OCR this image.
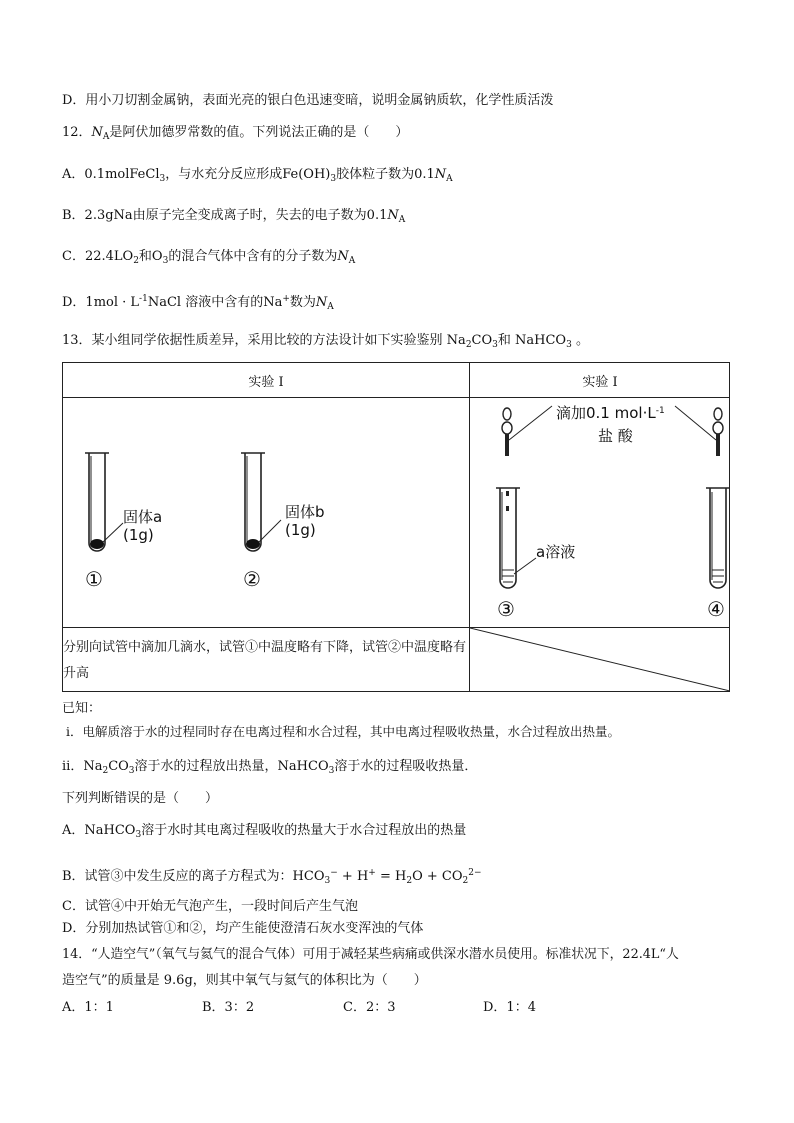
D．用小刀切割金属钠，表面光亮的银白色迅速变暗，说明金属钠质软，化学性质活泼
12．$N_A$是阿伏加德罗常数的值。下列说法正确的是（　　）
A．0.1molFeCl$_3$，与水充分反应形成$Fe(OH)_3$胶体粒子数为$0.1N_A$
B．2.3gNa由原子完全变成离子时，失去的电子数为$0.1N_A$
C．$22.4LO_2$和$O_3$的混合气体中含有的分子数为$N_A$
D．$1mol \cdot L^{-1}NaCl$ 溶液中含有的Na+数为$N_A$
13．某小组同学依据性质差异，采用比较的方法设计如下实验鉴别 $Na_2CO_3$和 NaHCO$_3$ 。
实验 I	实验 I
固体a
(1g)
固体b
(1g)
①	②
滴加0.1 $mol\cdot L^{-1}$
盐 酸
a溶液
③	④
分别向试管中滴加几滴水，试管①中温度略有下降，试管②中温度略有升高
已知：
ⅰ．电解质溶于水的过程同时存在电离过程和水合过程，其中电离过程吸收热量，水合过程放出热量。
ⅱ．$Na_2CO_3$溶于水的过程放出热量，NaHCO$_3$溶于水的过程吸收热量．
下列判断错误的是（　　）
A．NaHCO$_3$溶于水时其电离过程吸收的热量大于水合过程放出的热量
B．试管③中发生反应的离子方程式为：$HCO_3^- + H^+ = H_2O + CO_2^{2-}$
C．试管④中开始无气泡产生，一段时间后产生气泡
D．分别加热试管①和②，均产生能使澄清石灰水变浑浊的气体
14．“人造空气”（氧气与氦气的混合气体）可用于减轻某些病痛或供深水潜水员使用。标准状况下，22.4L“人
造空气”的质量是 9.6g，则其中氧气与氦气的体积比为（　　）
A．1：1	B．3：2	C．2：3	D．1：4
